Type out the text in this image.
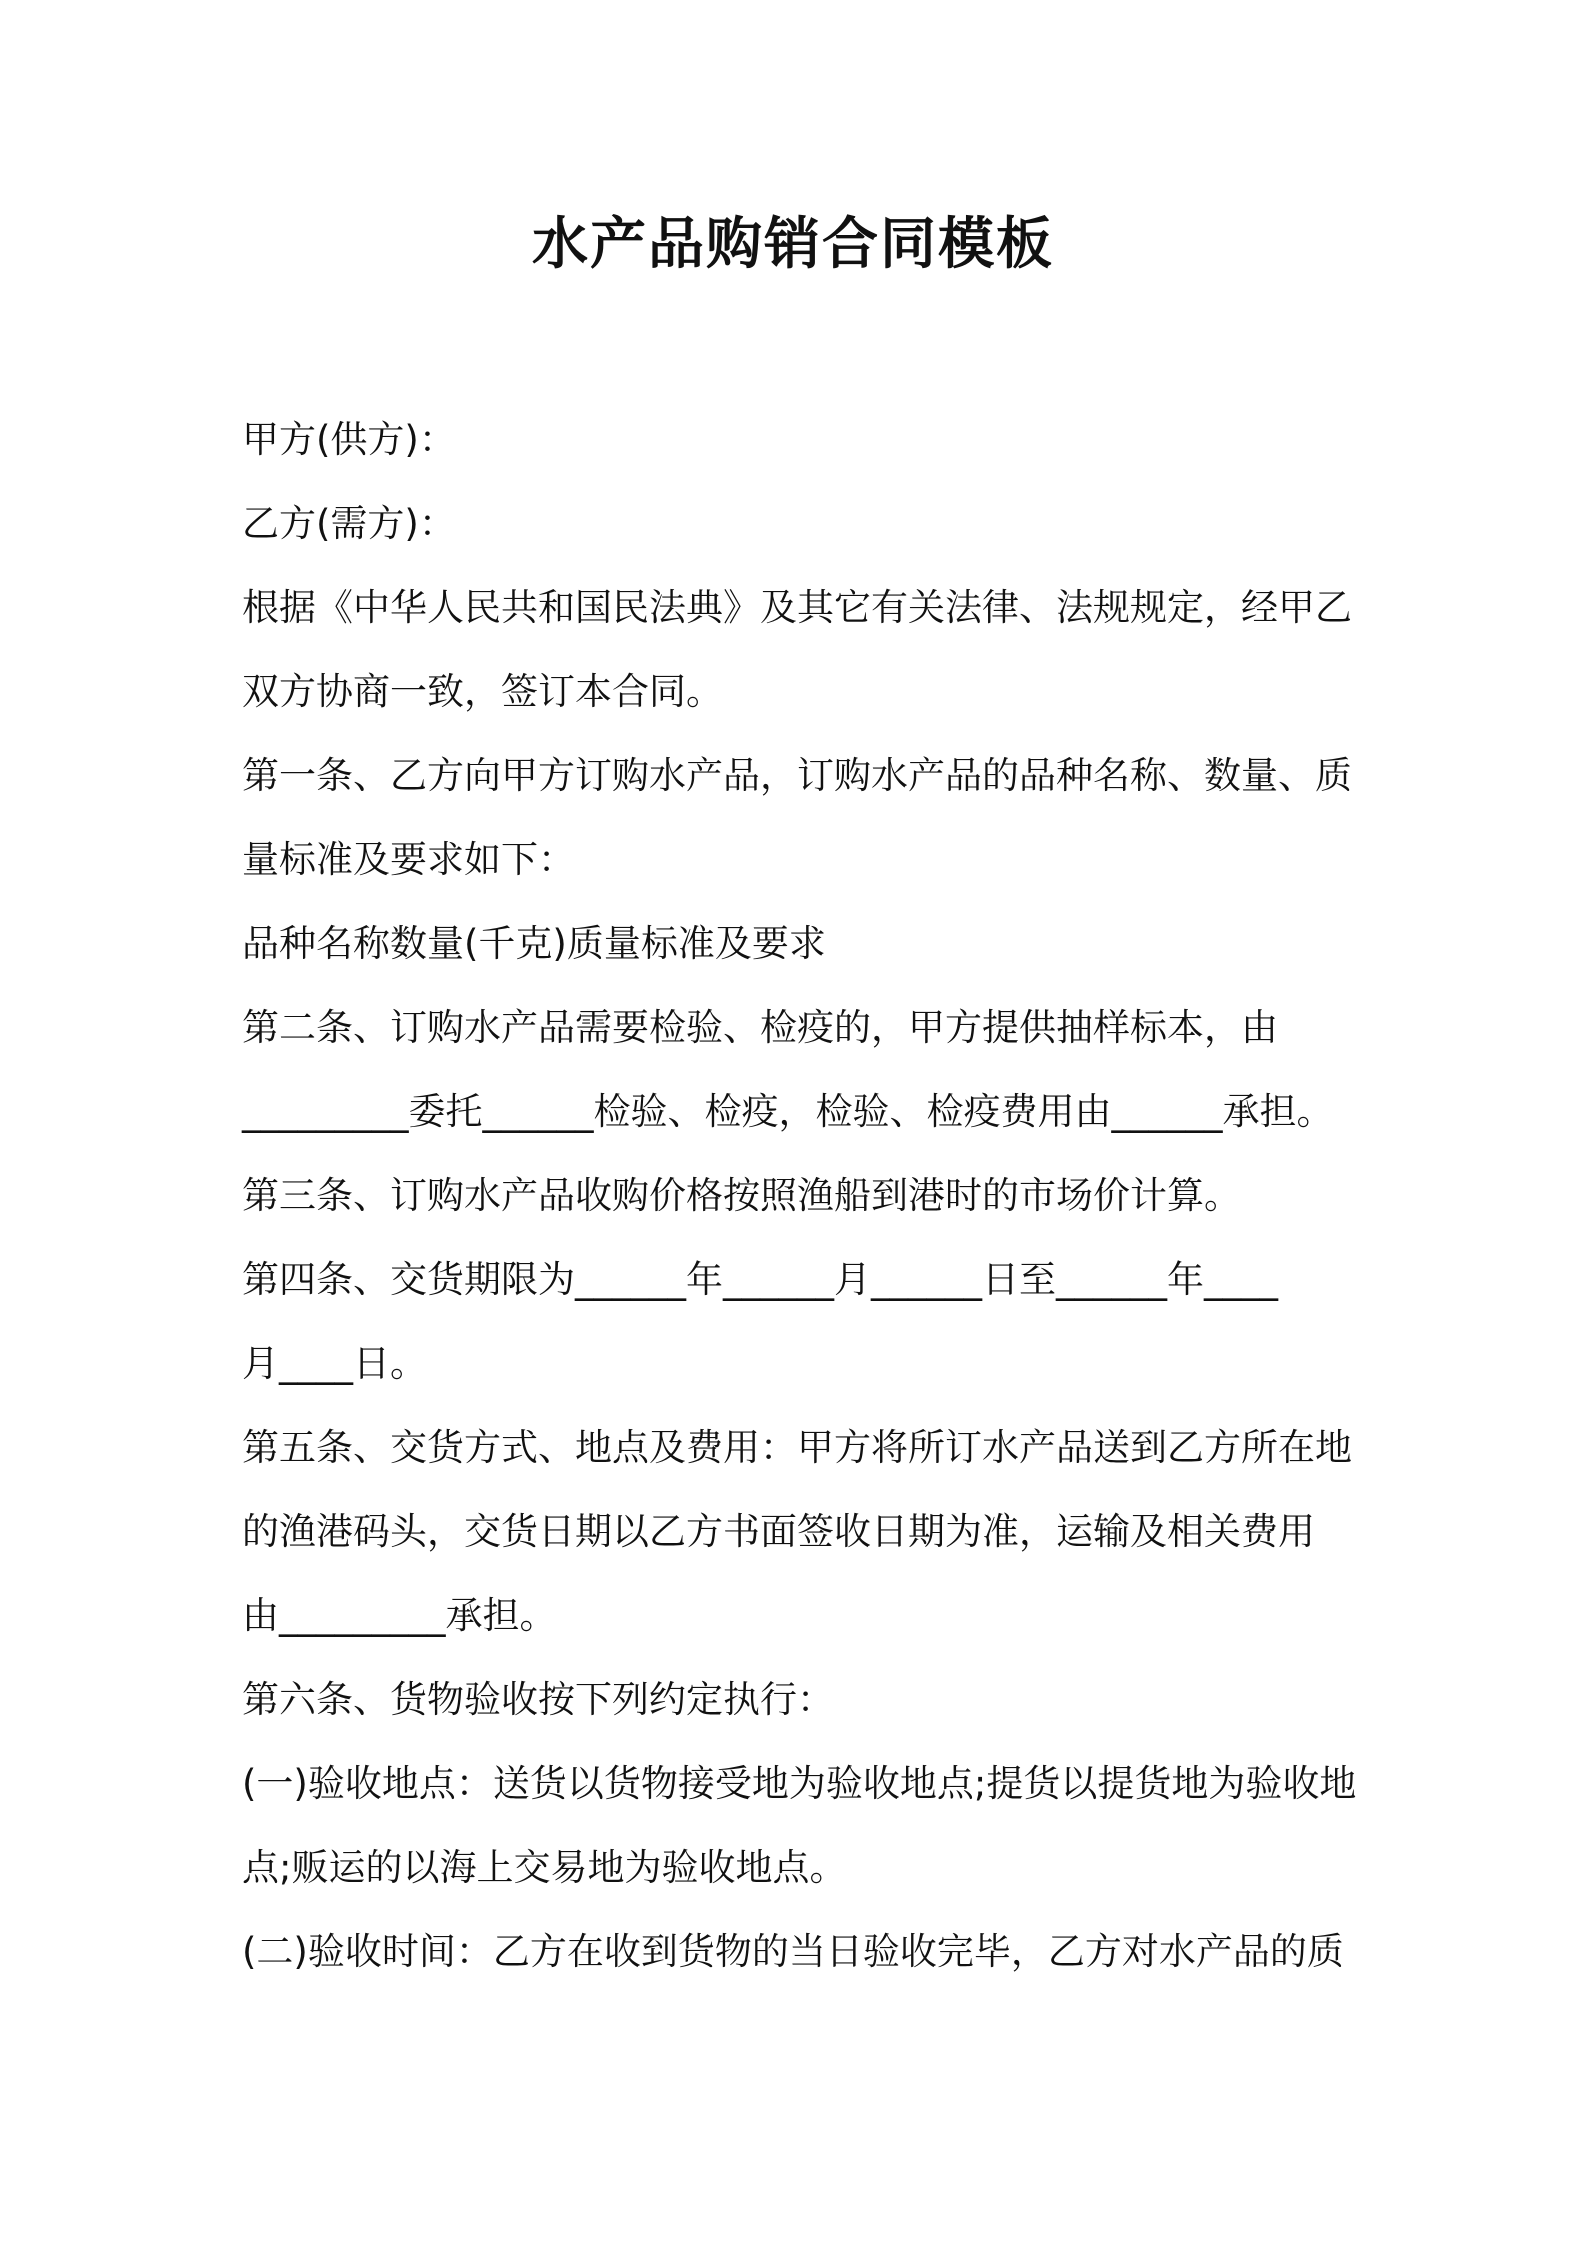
水产品购销合同模板
甲方(供方)：
乙方(需方)：
根据《中华人民共和国民法典》及其它有关法律、法规规定，经甲乙
双方协商一致，签订本合同。
第一条、乙方向甲方订购水产品，订购水产品的品种名称、数量、质
量标准及要求如下：
品种名称数量(千克)质量标准及要求
第二条、订购水产品需要检验、检疫的，甲方提供抽样标本，由
_________委托______检验、检疫，检验、检疫费用由______承担。
第三条、订购水产品收购价格按照渔船到港时的市场价计算。
第四条、交货期限为______年______月______日至______年____
月____日。
第五条、交货方式、地点及费用：甲方将所订水产品送到乙方所在地
的渔港码头，交货日期以乙方书面签收日期为准，运输及相关费用
由_________承担。
第六条、货物验收按下列约定执行：
(一)验收地点：送货以货物接受地为验收地点;提货以提货地为验收地
点;贩运的以海上交易地为验收地点。
(二)验收时间：乙方在收到货物的当日验收完毕，乙方对水产品的质
